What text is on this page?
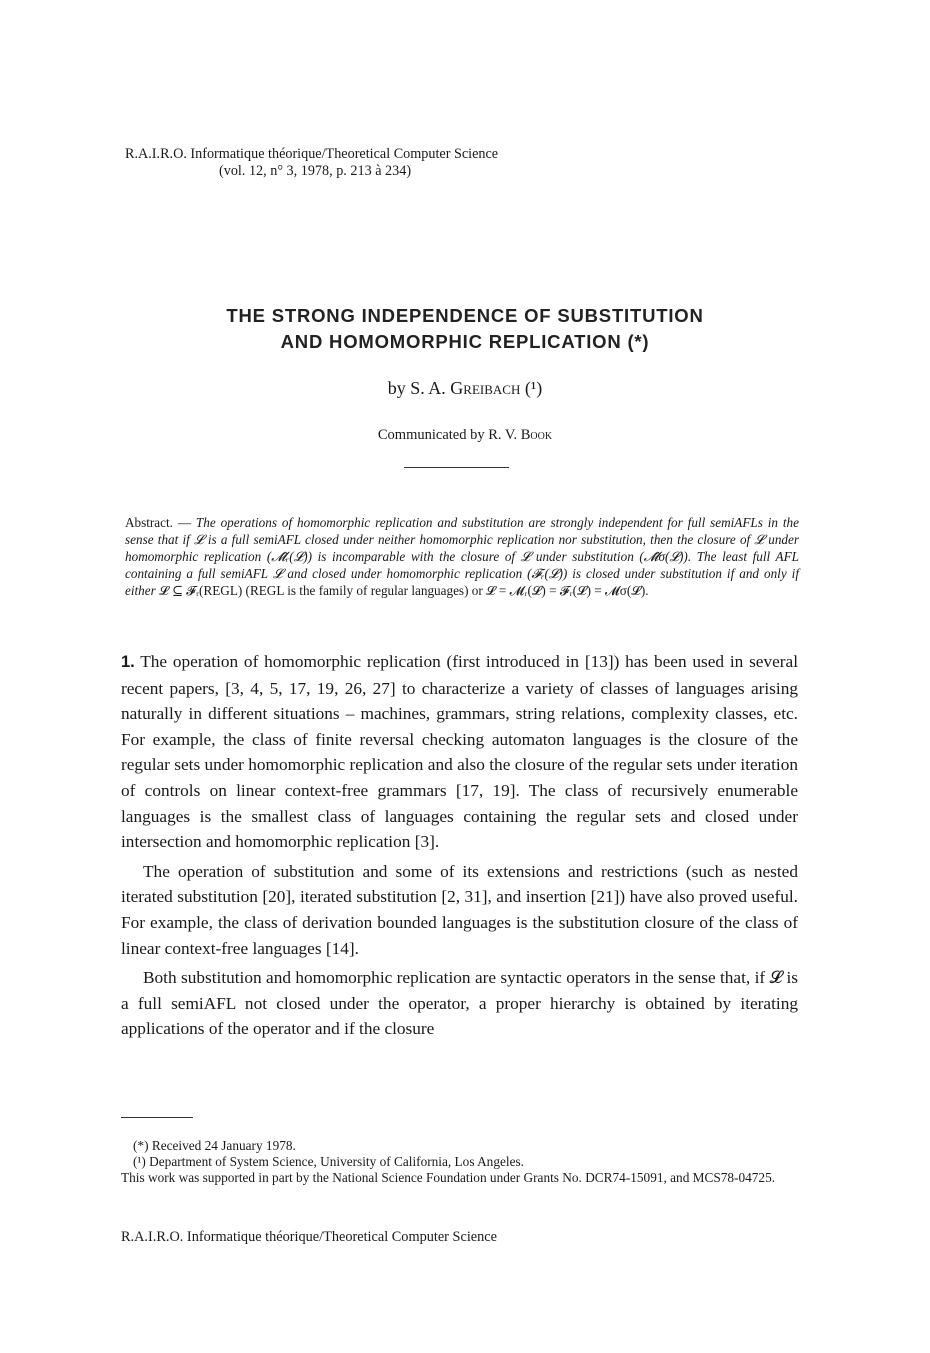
R.A.I.R.O. Informatique théorique/Theoretical Computer Science
(vol. 12, n° 3, 1978, p. 213 à 234)
THE STRONG INDEPENDENCE OF SUBSTITUTION
AND HOMOMORPHIC REPLICATION (*)
by S. A. Greibach (¹)
Communicated by R. V. Book
Abstract. — The operations of homomorphic replication and substitution are strongly independent for full semiAFLs in the sense that if 𝓛 is a full semiAFL closed under neither homomorphic replication nor substitution, then the closure of 𝓛 under homomorphic replication (𝓜̂ᵣ(𝓛)) is incomparable with the closure of 𝓛 under substitution (𝓜̂σ(𝓛)). The least full AFL containing a full semiAFL 𝓛 and closed under homomorphic replication (𝓕ᵣ(𝓛)) is closed under substitution if and only if either 𝓛 ⊆ 𝓕ᵣ(REGL) (REGL is the family of regular languages) or 𝓛 = 𝓜ᵣ(𝓛) = 𝓕ᵣ(𝓛) = 𝓜σ(𝓛).

1. The operation of homomorphic replication (first introduced in [13]) has been used in several recent papers, [3, 4, 5, 17, 19, 26, 27] to characterize a variety of classes of languages arising naturally in different situations – machines, grammars, string relations, complexity classes, etc. For example, the class of finite reversal checking automaton languages is the closure of the regular sets under homomorphic replication and also the closure of the regular sets under iteration of controls on linear context-free grammars [17, 19]. The class of recursively enumerable languages is the smallest class of languages containing the regular sets and closed under intersection and homomorphic replication [3].

The operation of substitution and some of its extensions and restrictions (such as nested iterated substitution [20], iterated substitution [2, 31], and insertion [21]) have also proved useful. For example, the class of derivation bounded languages is the substitution closure of the class of linear context-free languages [14].

Both substitution and homomorphic replication are syntactic operators in the sense that, if 𝓛 is a full semiAFL not closed under the operator, a proper hierarchy is obtained by iterating applications of the operator and if the closure

(*) Received 24 January 1978.
(¹) Department of System Science, University of California, Los Angeles.
This work was supported in part by the National Science Foundation under Grants No. DCR74-15091, and MCS78-04725.
R.A.I.R.O. Informatique théorique/Theoretical Computer Science
